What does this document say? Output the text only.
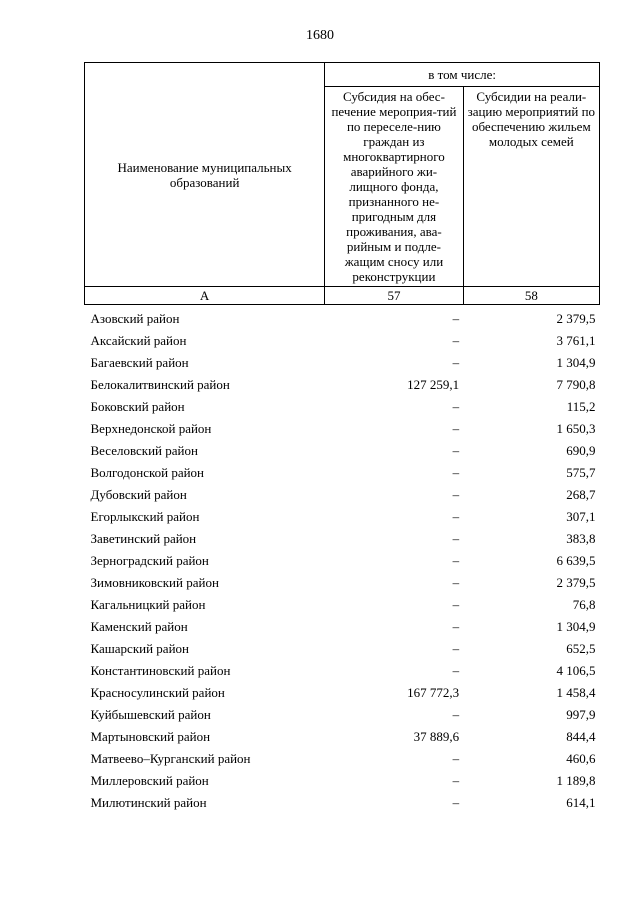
1680
Наименование муниципальных образований	в том числе:	
	Субсидия на обес-печение мероприя-тий по переселе-нию граждан из многоквартирного аварийного жи-лищного фонда, признанного не-пригодным для проживания, ава-рийным и подле-жащим сносу или реконструкции	Субсидии на реали-зацию мероприятий по обеспечению жильем молодых семей
А	57	58
Азовский район	–	2 379,5
Аксайский район	–	3 761,1
Багаевский район	–	1 304,9
Белокалитвинский район	127 259,1	7 790,8
Боковский район	–	115,2
Верхнедонской район	–	1 650,3
Веселовский район	–	690,9
Волгодонской район	–	575,7
Дубовский район	–	268,7
Егорлыкский район	–	307,1
Заветинский район	–	383,8
Зерноградский район	–	6 639,5
Зимовниковский район	–	2 379,5
Кагальницкий район	–	76,8
Каменский район	–	1 304,9
Кашарский район	–	652,5
Константиновский район	–	4 106,5
Красносулинский район	167 772,3	1 458,4
Куйбышевский район	–	997,9
Мартыновский район	37 889,6	844,4
Матвеево–Курганский район	–	460,6
Миллеровский район	–	1 189,8
Милютинский район	–	614,1
